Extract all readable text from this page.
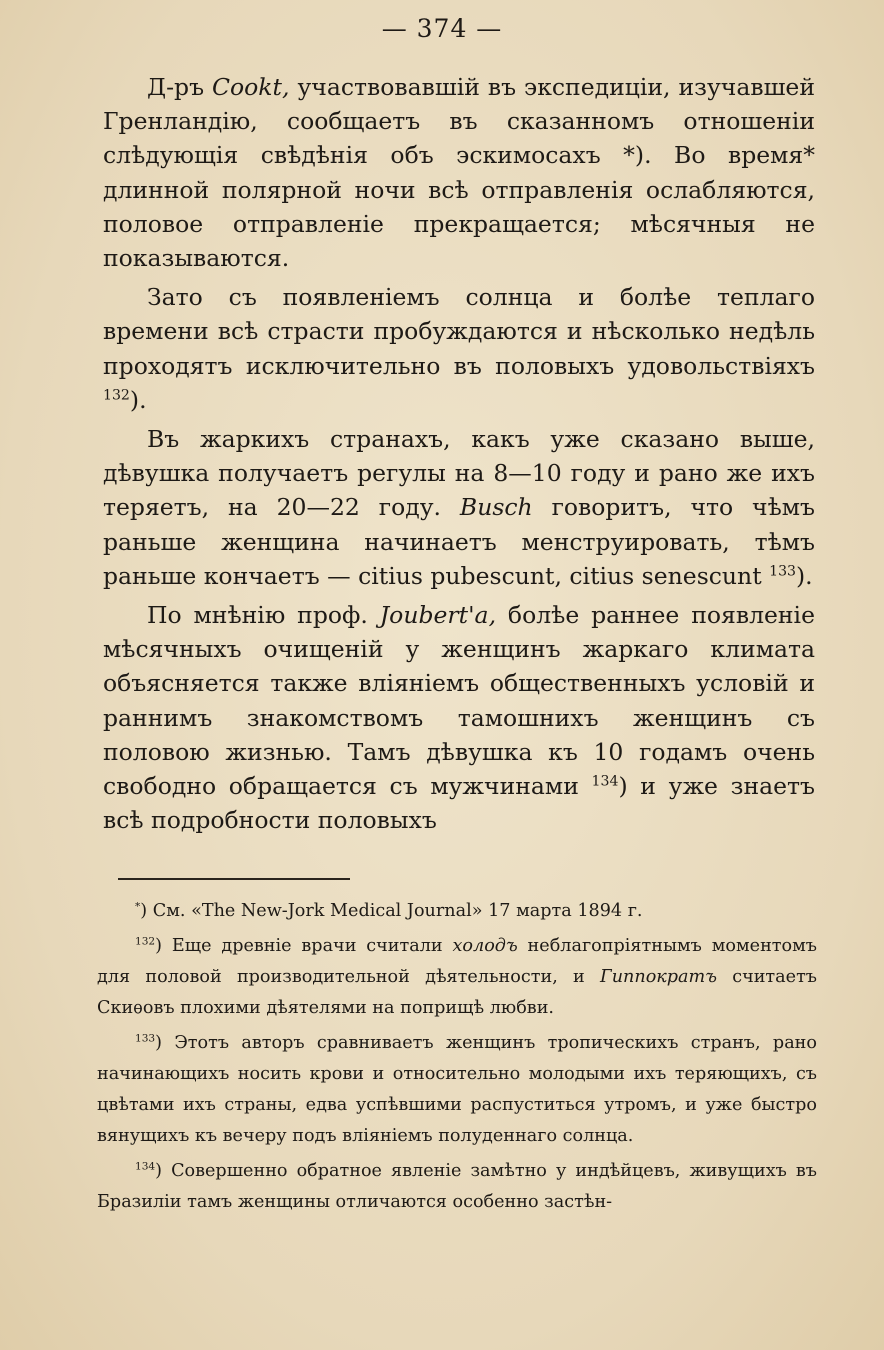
— 374 —

Д-ръ Cookt, участвовавшій въ экспедиціи, изучавшей Гренландію, сообщаетъ въ сказанномъ отношеніи слѣдующія свѣдѣнія объ эскимосахъ *). Во время* длинной полярной ночи всѣ отправленія ослабляются, половое отправленіе прекращается; мѣсячныя не показываются.

Зато съ появленіемъ солнца и болѣе теплаго времени всѣ страсти пробуждаются и нѣсколько недѣль проходятъ исключительно въ половыхъ удовольствіяхъ $^{132}$).

Въ жаркихъ странахъ, какъ уже сказано выше, дѣвушка получаетъ регулы на 8—10 году и рано же ихъ теряетъ, на 20—22 году. Busch говоритъ, что чѣмъ раньше женщина начинаетъ менструировать, тѣмъ раньше кончаетъ — citius pubescunt, citius senescunt $^{133}$).

По мнѣнію проф. Joubert'a, болѣе раннее появленіе мѣсячныхъ очищеній у женщинъ жаркаго климата объясняется также вліяніемъ общественныхъ условій и раннимъ знакомствомъ тамошнихъ женщинъ съ половою жизнью. Тамъ дѣвушка къ 10 годамъ очень свободно обращается съ мужчинами $^{134}$) и уже знаетъ всѣ подробности половыхъ

*) См. «The New-Jork Medical Journal» 17 марта 1894 г.

$^{132}$) Еще древніе врачи считали холодъ неблагопріятнымъ моментомъ для половой производительной дѣятельности, и Гиппократъ считаетъ Скиѳовъ плохими дѣятелями на поприщѣ любви.

$^{133}$) Этотъ авторъ сравниваетъ женщинъ тропическихъ странъ, рано начинающихъ носить крови и относительно молодыми ихъ теряющихъ, съ цвѣтами ихъ страны, едва успѣвшими распуститься утромъ, и уже быстро вянущихъ къ вечеру подъ вліяніемъ полуденнаго солнца.

$^{134}$) Совершенно обратное явленіе замѣтно у индѣйцевъ, живущихъ въ Бразиліи тамъ женщины отличаются особенно застѣн-
